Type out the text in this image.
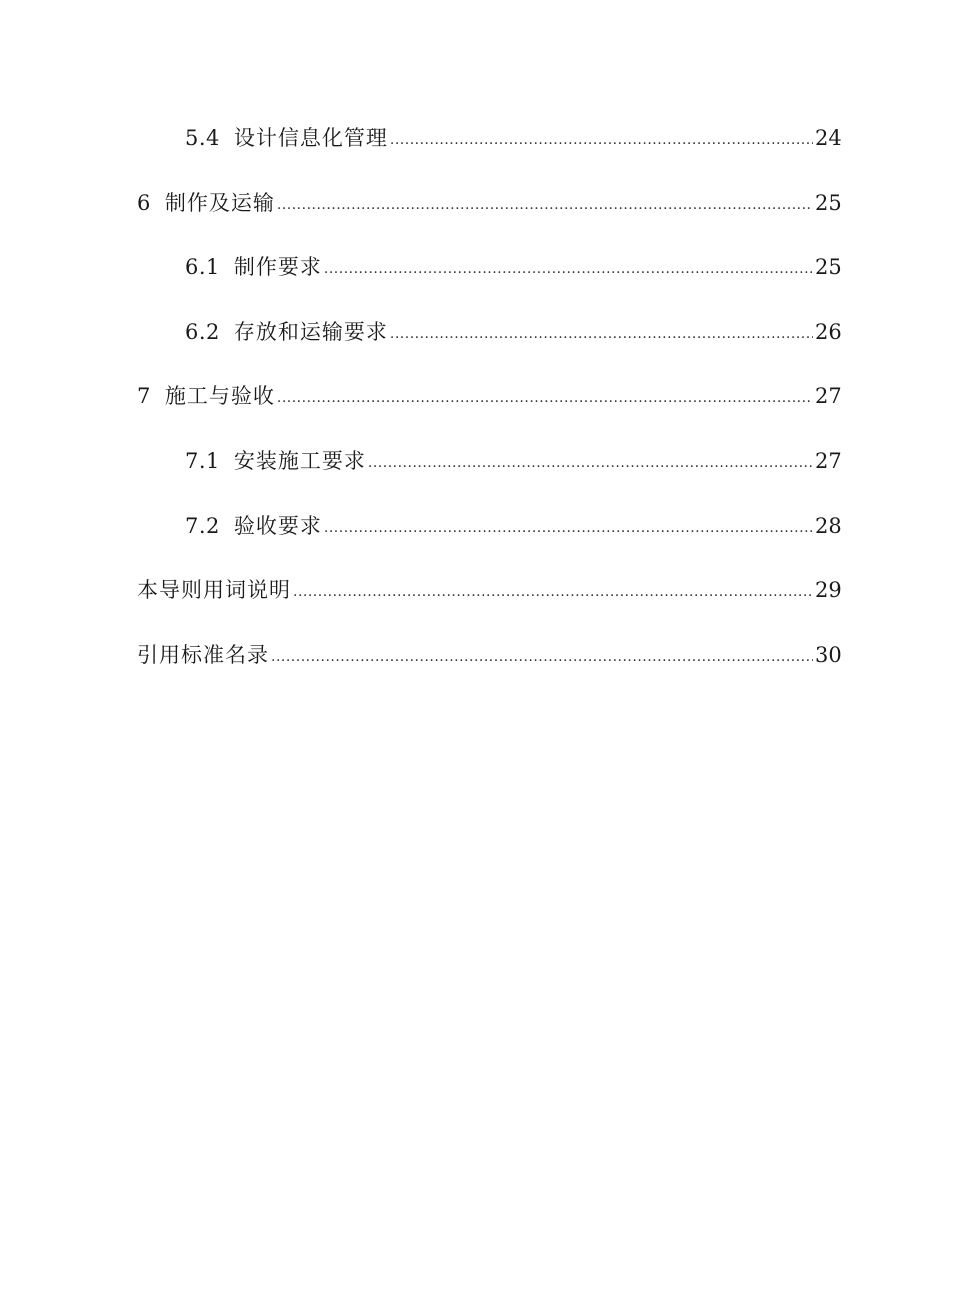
5.4 设计信息化管理 .....	24
6 制作及运输 .....	25
6.1 制作要求 .....	25
6.2 存放和运输要求 .....	26
7 施工与验收 .....	27
7.1 安装施工要求 .....	27
7.2 验收要求 .....	28
本导则用词说明 .....	29
引用标准名录 .....	30
